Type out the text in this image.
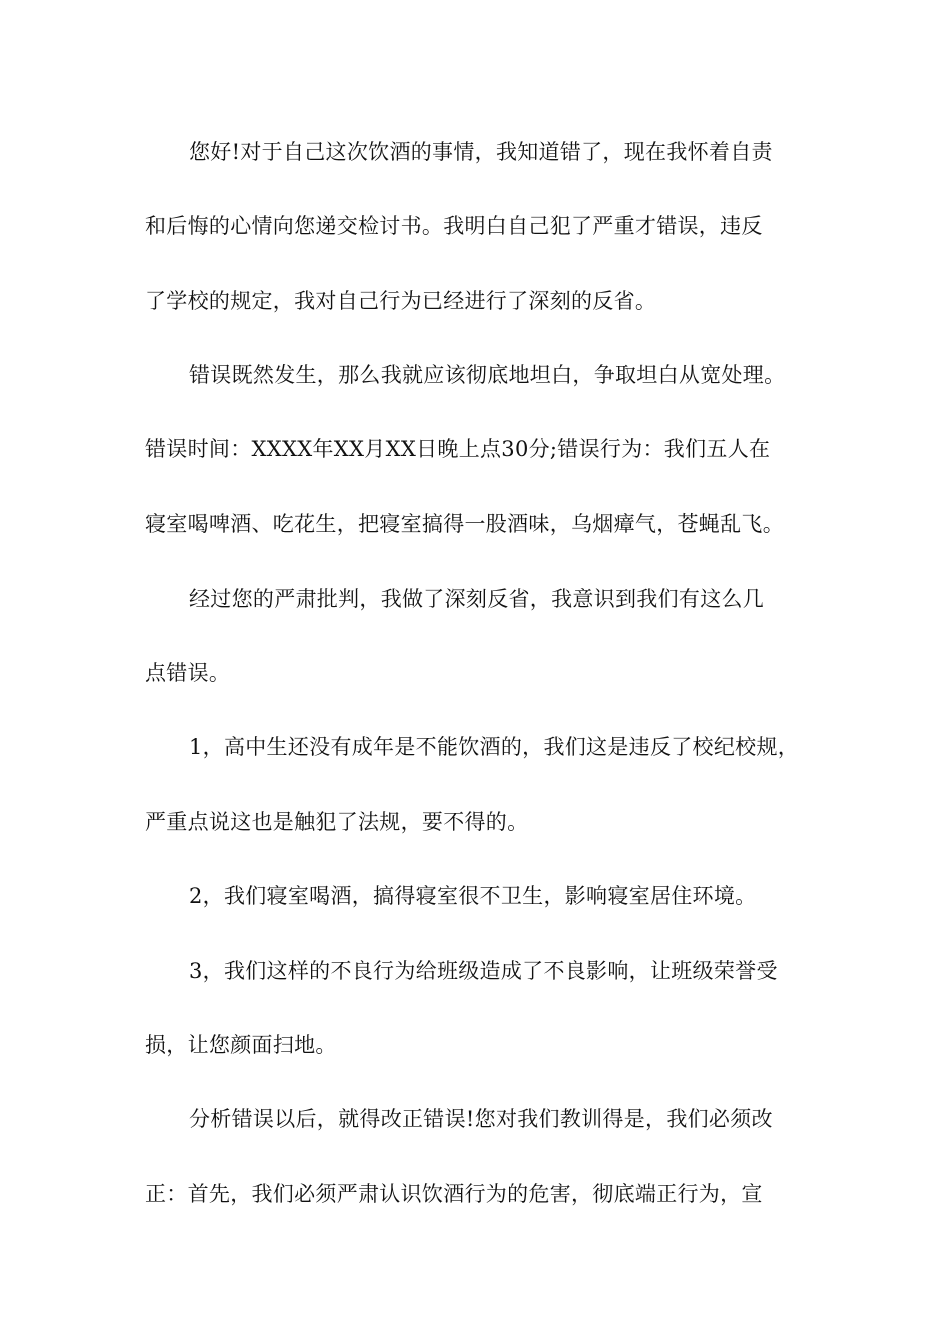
您好!对于自己这次饮酒的事情，我知道错了，现在我怀着自责
和后悔的心情向您递交检讨书。我明白自己犯了严重才错误，违反
了学校的规定，我对自己行为已经进行了深刻的反省。
错误既然发生，那么我就应该彻底地坦白，争取坦白从宽处理。
错误时间：XXXX年XX月XX日晚上点30分;错误行为：我们五人在
寝室喝啤酒、吃花生，把寝室搞得一股酒味，乌烟瘴气，苍蝇乱飞。
经过您的严肃批判，我做了深刻反省，我意识到我们有这么几
点错误。
1，高中生还没有成年是不能饮酒的，我们这是违反了校纪校规，
严重点说这也是触犯了法规，要不得的。
2，我们寝室喝酒，搞得寝室很不卫生，影响寝室居住环境。
3，我们这样的不良行为给班级造成了不良影响，让班级荣誉受
损，让您颜面扫地。
分析错误以后，就得改正错误!您对我们教训得是，我们必须改
正：首先，我们必须严肃认识饮酒行为的危害，彻底端正行为，宣
